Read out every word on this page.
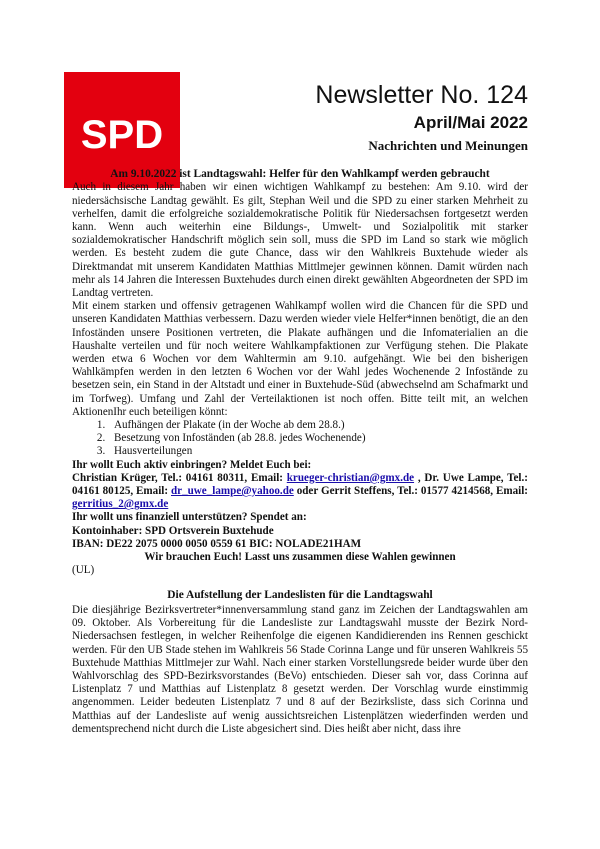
SPD
Newsletter No. 124
April/Mai 2022
Nachrichten und Meinungen
Am 9.10.2022 ist Landtagswahl: Helfer für den Wahlkampf werden gebraucht

Auch in diesem Jahr haben wir einen wichtigen Wahlkampf zu bestehen: Am 9.10. wird der niedersächsische Landtag gewählt. Es gilt, Stephan Weil und die SPD zu einer starken Mehrheit zu verhelfen, damit die erfolgreiche sozialdemokratische Politik für Niedersachsen fortgesetzt werden kann. Wenn auch weiterhin eine Bildungs-, Umwelt- und Sozialpolitik mit starker sozialdemokratischer Handschrift möglich sein soll, muss die SPD im Land so stark wie möglich werden. Es besteht zudem die gute Chance, dass wir den Wahlkreis Buxtehude wieder als Direktmandat mit unserem Kandidaten Matthias Mittlmejer gewinnen können. Damit würden nach mehr als 14 Jahren die Interessen Buxtehudes durch einen direkt gewählten Abgeordneten der SPD im Landtag vertreten.

Mit einem starken und offensiv getragenen Wahlkampf wollen wird die Chancen für die SPD und unseren Kandidaten Matthias verbessern. Dazu werden wieder viele Helfer*innen benötigt, die an den Infoständen unsere Positionen vertreten, die Plakate aufhängen und die Infomaterialien an die Haushalte verteilen und für noch weitere Wahlkampfaktionen zur Verfügung stehen. Die Plakate werden etwa 6 Wochen vor dem Wahltermin am 9.10. aufgehängt. Wie bei den bisherigen Wahlkämpfen werden in den letzten 6 Wochen vor der Wahl jedes Wochenende 2 Infostände zu besetzen sein, ein Stand in der Altstadt und einer in Buxtehude-Süd (abwechselnd am Schafmarkt und im Torfweg). Umfang und Zahl der Verteilaktionen ist noch offen. Bitte teilt mit, an welchen AktionenIhr euch beteiligen könnt:

1. Aufhängen der Plakate (in der Woche ab dem 28.8.)
2. Besetzung von Infoständen (ab 28.8. jedes Wochenende)
3. Hausverteilungen

Ihr wollt Euch aktiv einbringen? Meldet Euch bei:

Christian Krüger, Tel.: 04161 80311, Email: krueger-christian@gmx.de , Dr. Uwe Lampe, Tel.: 04161 80125, Email: dr_uwe_lampe@yahoo.de oder Gerrit Steffens, Tel.: 01577 4214568, Email: gerritius_2@gmx.de

Ihr wollt uns finanziell unterstützen? Spendet an:

Kontoinhaber: SPD Ortsverein Buxtehude

IBAN: DE22 2075 0000 0050 0559 61 BIC: NOLADE21HAM

Wir brauchen Euch! Lasst uns zusammen diese Wahlen gewinnen

(UL)

Die Aufstellung der Landeslisten für die Landtagswahl

Die diesjährige Bezirksvertreter*innenversammlung stand ganz im Zeichen der Landtagswahlen am 09. Oktober. Als Vorbereitung für die Landesliste zur Landtagswahl musste der Bezirk Nord-Niedersachsen festlegen, in welcher Reihenfolge die eigenen Kandidierenden ins Rennen geschickt werden. Für den UB Stade stehen im Wahlkreis 56 Stade Corinna Lange und für unseren Wahlkreis 55 Buxtehude Matthias Mittlmejer zur Wahl. Nach einer starken Vorstellungsrede beider wurde über den Wahlvorschlag des SPD-Bezirksvorstandes (BeVo) entschieden. Dieser sah vor, dass Corinna auf Listenplatz 7 und Matthias auf Listenplatz 8 gesetzt werden. Der Vorschlag wurde einstimmig angenommen. Leider bedeuten Listenplatz 7 und 8 auf der Bezirksliste, dass sich Corinna und Matthias auf der Landesliste auf wenig aussichtsreichen Listenplätzen wiederfinden werden und dementsprechend nicht durch die Liste abgesichert sind. Dies heißt aber nicht, dass ihre
